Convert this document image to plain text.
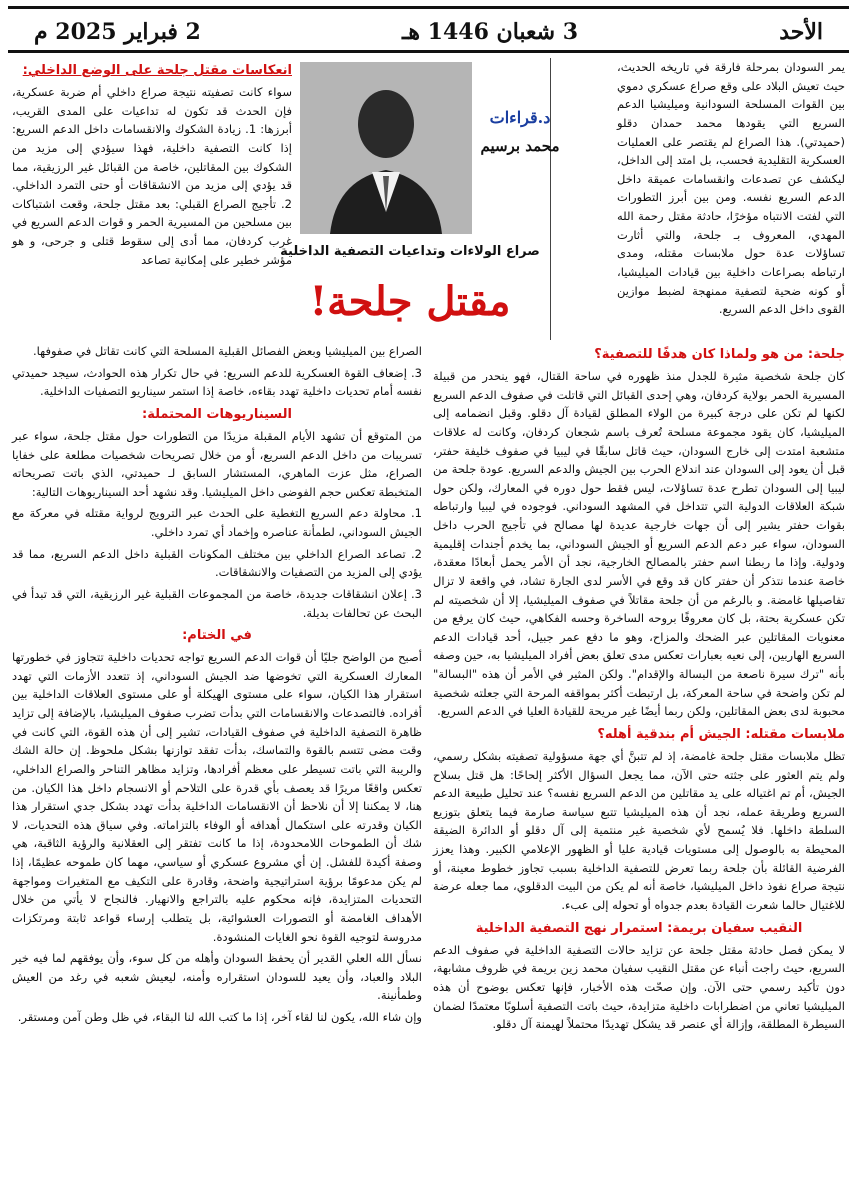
الأحد
3 شعبان 1446 هـ
2 فبراير 2025 م

يمر السودان بمرحلة فارقة في تاريخه الحديث، حيث تعيش البلاد على وقع صراع عسكري دموي بين القوات المسلحة السودانية وميليشيا الدعم السريع التي يقودها محمد حمدان دقلو (حميدتي). هذا الصراع لم يقتصر على العمليات العسكرية التقليدية فحسب، بل امتد إلى الداخل، ليكشف عن تصدعات وانقسامات عميقة داخل الدعم السريع نفسه. ومن بين أبرز التطورات التي لفتت الانتباه مؤخرًا، حادثة مقتل رحمة الله المهدي، المعروف بـ جلحة، والتي أثارت تساؤلات عدة حول ملابسات مقتله، ومدى ارتباطه بصراعات داخلية بين قيادات الميليشيا، أو كونه ضحية لتصفية ممنهجة لضبط موازين القوى داخل الدعم السريع.

د.قراءات
محمد برسيم
صراع الولاءات وتداعيات التصفية الداخلية
مقتل جلحة!
انعكاسات مقتل جلحة على الوضع الداخلي:

سواء كانت تصفيته نتيجة صراع داخلي أم ضربة عسكرية، فإن الحدث قد تكون له تداعيات على المدى القريب، أبرزها: 1. زيادة الشكوك والانقسامات داخل الدعم السريع: إذا كانت التصفية داخلية، فهذا سيؤدي إلى مزيد من الشكوك بين المقاتلين، خاصة من القبائل غير الرزيقية، مما قد يؤدي إلى مزيد من الانشقاقات أو حتى التمرد الداخلي. 2. تأجيج الصراع القبلي: بعد مقتل جلحة، وقعت اشتباكات بين مسلحين من المسيرية الحمر و قوات الدعم السريع في غرب كردفان، مما أدى إلى سقوط قتلى و جرحى، و هو مؤشر خطير على إمكانية تصاعد

جلحة: من هو ولماذا كان هدفًا للتصفية؟

كان جلحة شخصية مثيرة للجدل منذ ظهوره في ساحة القتال، فهو ينحدر من قبيلة المسيرية الحمر بولاية كردفان، وهي إحدى القبائل التي قاتلت في صفوف الدعم السريع لكنها لم تكن على درجة كبيرة من الولاء المطلق لقيادة آل دقلو. وقبل انضمامه إلى الميليشيا، كان يقود مجموعة مسلحة تُعرف باسم شجعان كردفان، وكانت له علاقات متشعبة امتدت إلى خارج السودان، حيث قاتل سابقًا في ليبيا في صفوف خليفة حفتر، قبل أن يعود إلى السودان عند اندلاع الحرب بين الجيش والدعم السريع. عودة جلحة من ليبيا إلى السودان تطرح عدة تساؤلات، ليس فقط حول دوره في المعارك، ولكن حول شبكة العلاقات الدولية التي تتداخل في المشهد السوداني. فوجوده في ليبيا وارتباطه بقوات حفتر يشير إلى أن جهات خارجية عديدة لها مصالح في تأجيج الحرب داخل السودان، سواء عبر دعم الدعم السريع أو الجيش السوداني، بما يخدم أجندات إقليمية ودولية. وإذا ما ربطنا اسم حفتر بالمصالح الخارجية، نجد أن الأمر يحمل أبعادًا معقدة، خاصة عندما نتذكر أن حفتر كان قد وقع في الأسر لدى الجارة تشاد، في واقعة لا تزال تفاصيلها غامضة. و بالرغم من أن جلحة مقاتلاً في صفوف الميليشيا، إلا أن شخصيته لم تكن عسكرية بحتة، بل كان معروفًا بروحه الساخرة وحسه الفكاهي، حيث كان يرفع من معنويات المقاتلين عبر الضحك والمزاح، وهو ما دفع عمر جبيل، أحد قيادات الدعم السريع الهاربين، إلى نعيه بعبارات تعكس مدى تعلق بعض أفراد الميليشيا به، حين وصفه بأنه "ترك سيرة ناصعة من البسالة والإقدام". ولكن المثير في الأمر أن هذه "البسالة" لم تكن واضحة في ساحة المعركة، بل ارتبطت أكثر بمواقفه المرحة التي جعلته شخصية محبوبة لدى بعض المقاتلين، ولكن ربما أيضًا غير مريحة للقيادة العليا في الدعم السريع.

ملابسات مقتله: الجيش أم بندقية أهله؟

تظل ملابسات مقتل جلحة غامضة، إذ لم تتبنَّ أي جهة مسؤولية تصفيته بشكل رسمي، ولم يتم العثور على جثته حتى الآن، مما يجعل السؤال الأكثر إلحاحًا: هل قتل بسلاح الجيش، أم تم اغتياله على يد مقاتلين من الدعم السريع نفسه؟ عند تحليل طبيعة الدعم السريع وطريقة عمله، نجد أن هذه الميليشيا تتبع سياسة صارمة فيما يتعلق بتوزيع السلطة داخلها. فلا يُسمح لأي شخصية غير منتمية إلى آل دقلو أو الدائرة الضيقة المحيطة به بالوصول إلى مستويات قيادية عليا أو الظهور الإعلامي الكبير. وهذا يعزز الفرضية القائلة بأن جلحة ربما تعرض للتصفية الداخلية بسبب تجاوز خطوط معينة، أو نتيجة صراع نفوذ داخل الميليشيا، خاصة أنه لم يكن من البيت الدقلوي، مما جعله عرضة للاغتيال حالما شعرت القيادة بعدم جدواه أو تحوله إلى عبء.

النقيب سفيان بريمة: استمرار نهج التصفية الداخلية

لا يمكن فصل حادثة مقتل جلحة عن تزايد حالات التصفية الداخلية في صفوف الدعم السريع، حيث راجت أنباء عن مقتل النقيب سفيان محمد زين بريمة في ظروف مشابهة، دون تأكيد رسمي حتى الآن. وإن صحّت هذه الأخبار، فإنها تعكس بوضوح أن هذه الميليشيا تعاني من اضطرابات داخلية متزايدة، حيث باتت التصفية أسلوبًا معتمدًا لضمان السيطرة المطلقة، وإزالة أي عنصر قد يشكل تهديدًا محتملاً لهيمنة آل دقلو.

الصراع بين الميليشيا وبعض الفصائل القبلية المسلحة التي كانت تقاتل في صفوفها.

3. إضعاف القوة العسكرية للدعم السريع: في حال تكرار هذه الحوادث، سيجد حميدتي نفسه أمام تحديات داخلية تهدد بقاءه، خاصة إذا استمر سيناريو التصفيات الداخلية.

السيناريوهات المحتملة:

من المتوقع أن تشهد الأيام المقبلة مزيدًا من التطورات حول مقتل جلحة، سواء عبر تسريبات من داخل الدعم السريع، أو من خلال تصريحات شخصيات مطلعة على خفايا الصراع، مثل عزت الماهري، المستشار السابق لـ حميدتي، الذي باتت تصريحاته المتخبطة تعكس حجم الفوضى داخل الميليشيا. وقد نشهد أحد السيناريوهات التالية:

1. محاولة دعم السريع التغطية على الحدث عبر الترويج لرواية مقتله في معركة مع الجيش السوداني، لطمأنة عناصره وإخماد أي تمرد داخلي.

2. تصاعد الصراع الداخلي بين مختلف المكونات القبلية داخل الدعم السريع، مما قد يؤدي إلى المزيد من التصفيات والانشقاقات.

3. إعلان انشقاقات جديدة، خاصة من المجموعات القبلية غير الرزيقية، التي قد تبدأ في البحث عن تحالفات بديلة.

في الختام:

أصبح من الواضح جليًا أن قوات الدعم السريع تواجه تحديات داخلية تتجاوز في خطورتها المعارك العسكرية التي تخوضها ضد الجيش السوداني، إذ تتعدد الأزمات التي تهدد استقرار هذا الكيان، سواء على مستوى الهيكلة أو على مستوى العلاقات الداخلية بين أفراده. فالتصدعات والانقسامات التي بدأت تضرب صفوف الميليشيا، بالإضافة إلى تزايد ظاهرة التصفية الداخلية في صفوف القيادات، تشير إلى أن هذه القوة، التي كانت في وقت مضى تتسم بالقوة والتماسك، بدأت تفقد توازنها بشكل ملحوظ. إن حالة الشك والريبة التي باتت تسيطر على معظم أفرادها، وتزايد مظاهر التناحر والصراع الداخلي، تعكس واقعًا مريرًا قد يعصف بأي قدرة على التلاحم أو الانسجام داخل هذا الكيان. من هنا، لا يمكننا إلا أن نلاحظ أن الانقسامات الداخلية بدأت تهدد بشكل جدي استقرار هذا الكيان وقدرته على استكمال أهدافه أو الوفاء بالتزاماته. وفي سياق هذه التحديات، لا شك أن الطموحات اللامحدودة، إذا ما كانت تفتقر إلى العقلانية والرؤية الثاقبة، هي وصفة أكيدة للفشل. إن أي مشروع عسكري أو سياسي، مهما كان طموحه عظيمًا، إذا لم يكن مدعومًا برؤية استراتيجية واضحة، وقادرة على التكيف مع المتغيرات ومواجهة التحديات المتزايدة، فإنه محكوم عليه بالتراجع والانهيار. فالنجاح لا يأتي من خلال الأهداف الغامضة أو التصورات العشوائية، بل يتطلب إرساء قواعد ثابتة ومرتكزات مدروسة لتوجيه القوة نحو الغايات المنشودة.

نسأل الله العلي القدير أن يحفظ السودان وأهله من كل سوء، وأن يوفقهم لما فيه خير البلاد والعباد، وأن يعيد للسودان استقراره وأمنه، ليعيش شعبه في رغد من العيش وطمأنينة.

وإن شاء الله، يكون لنا لقاء آخر، إذا ما كتب الله لنا البقاء، في ظل وطن آمن ومستقر.
